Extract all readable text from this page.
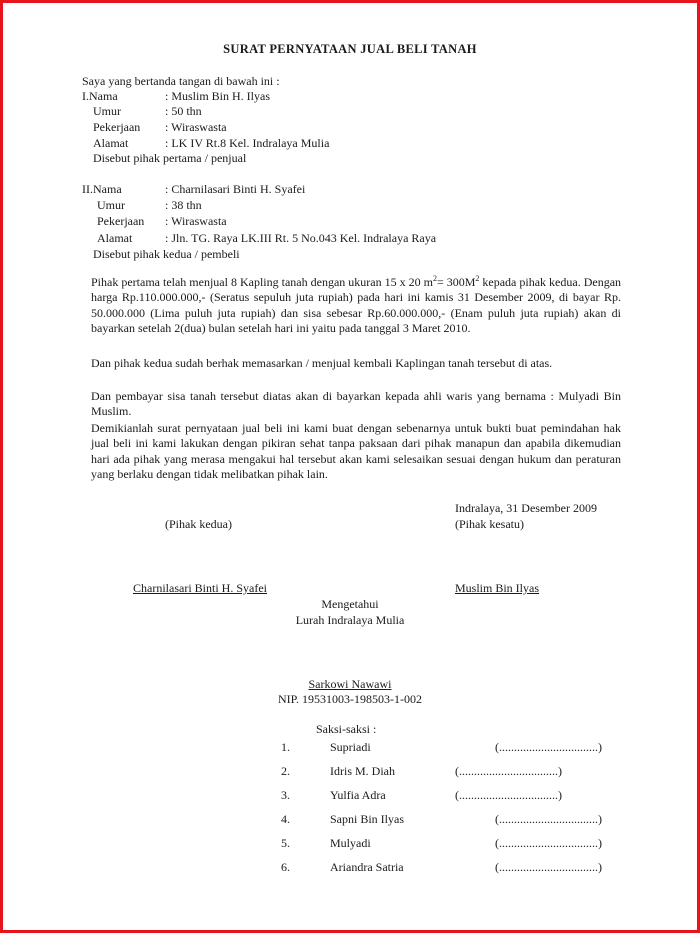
SURAT PERNYATAAN JUAL BELI TANAH
Saya yang bertanda tangan di bawah ini :
I.Nama	: Muslim Bin H. Ilyas
Umur	: 50 thn
Pekerjaan : Wiraswasta
Alamat	: LK IV Rt.8 Kel. Indralaya Mulia
Disebut pihak pertama / penjual
II.Nama	: Charnilasari Binti H. Syafei
Umur	: 38 thn
Pekerjaan : Wiraswasta
Alamat	: Jln. TG. Raya LK.III Rt. 5 No.043 Kel. Indralaya Raya
Disebut pihak kedua / pembeli
Pihak pertama telah menjual 8 Kapling tanah dengan ukuran 15 x 20 $m^2= 300M^2$ kepada pihak kedua. Dengan harga Rp.110.000.000,- (Seratus sepuluh juta rupiah) pada hari ini kamis 31 Desember 2009, di bayar Rp. 50.000.000 (Lima puluh juta rupiah) dan sisa sebesar Rp.60.000.000,- (Enam puluh juta rupiah) akan di bayarkan setelah 2(dua) bulan setelah hari ini yaitu pada tanggal 3 Maret 2010.
Dan pihak kedua sudah berhak memasarkan / menjual kembali Kaplingan tanah tersebut di atas.
Dan pembayar sisa tanah tersebut diatas akan di bayarkan kepada ahli waris yang bernama : Mulyadi Bin Muslim.
Demikianlah surat pernyataan jual beli ini kami buat dengan sebenarnya untuk bukti buat pemindahan hak jual beli ini kami lakukan dengan pikiran sehat tanpa paksaan dari pihak manapun dan apabila dikemudian hari ada pihak yang merasa mengakui hal tersebut akan kami selesaikan sesuai dengan hukum dan peraturan yang berlaku dengan tidak melibatkan pihak lain.
Indralaya, 31 Desember 2009
(Pihak kedua)	(Pihak kesatu)
Charnilasari Binti H. Syafei	Muslim Bin Ilyas
Mengetahui
Lurah Indralaya Mulia
Sarkowi Nawawi
NIP. 19531003-198503-1-002
Saksi-saksi :
1.	Supriadi	(.................................)
2.	Idris M. Diah	(.................................)
3.	Yulfia Adra	(.................................)
4.	Sapni Bin Ilyas	(.................................)
5.	Mulyadi	(.................................)
6.	Ariandra Satria	(.................................)
